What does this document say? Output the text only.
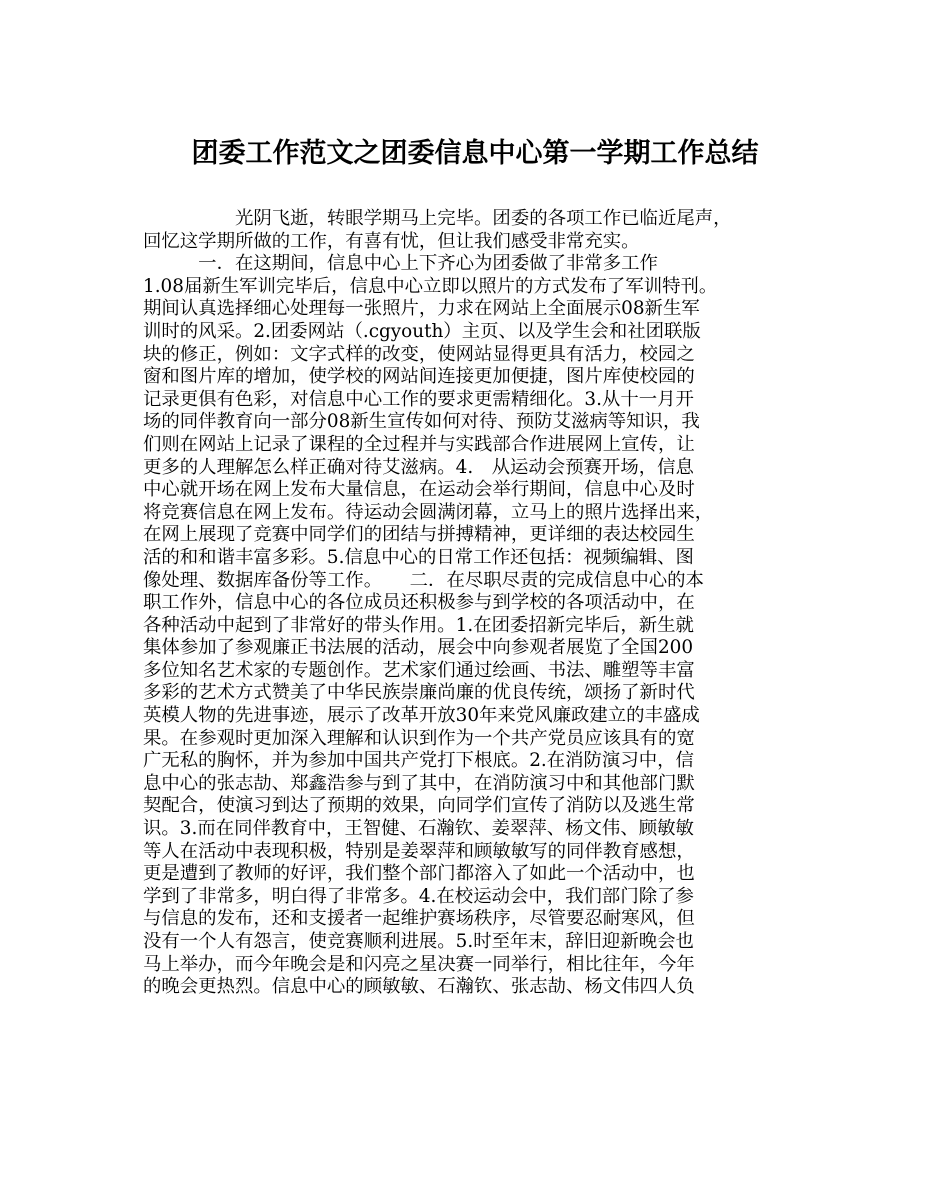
团委工作范文之团委信息中心第一学期工作总结
　　　　　光阴飞逝，转眼学期马上完毕。团委的各项工作已临近尾声，
回忆这学期所做的工作，有喜有忧，但让我们感受非常充实。
　　　一．在这期间，信息中心上下齐心为团委做了非常多工作
1.08届新生军训完毕后，信息中心立即以照片的方式发布了军训特刊。
期间认真选择细心处理每一张照片，力求在网站上全面展示08新生军
训时的风采。2.团委网站（.cgyouth）主页、以及学生会和社团联版
块的修正，例如：文字式样的改变，使网站显得更具有活力，校园之
窗和图片库的增加，使学校的网站间连接更加便捷，图片库使校园的
记录更俱有色彩，对信息中心工作的要求更需精细化。3.从十一月开
场的同伴教育向一部分08新生宣传如何对待、预防艾滋病等知识，我
们则在网站上记录了课程的全过程并与实践部合作进展网上宣传，让
更多的人理解怎么样正确对待艾滋病。4.　从运动会预赛开场，信息
中心就开场在网上发布大量信息，在运动会举行期间，信息中心及时
将竞赛信息在网上发布。待运动会圆满闭幕，立马上的照片选择出来，
在网上展现了竞赛中同学们的团结与拼搏精神，更详细的表达校园生
活的和和谐丰富多彩。5.信息中心的日常工作还包括：视频编辑、图
像处理、数据库备份等工作。　　二．在尽职尽责的完成信息中心的本
职工作外，信息中心的各位成员还积极参与到学校的各项活动中，在
各种活动中起到了非常好的带头作用。1.在团委招新完毕后，新生就
集体参加了参观廉正书法展的活动，展会中向参观者展览了全国200
多位知名艺术家的专题创作。艺术家们通过绘画、书法、雕塑等丰富
多彩的艺术方式赞美了中华民族崇廉尚廉的优良传统，颂扬了新时代
英模人物的先进事迹，展示了改革开放30年来党风廉政建立的丰盛成
果。在参观时更加深入理解和认识到作为一个共产党员应该具有的宽
广无私的胸怀，并为参加中国共产党打下根底。2.在消防演习中，信
息中心的张志劼、郑鑫浩参与到了其中，在消防演习中和其他部门默
契配合，使演习到达了预期的效果，向同学们宣传了消防以及逃生常
识。3.而在同伴教育中，王智健、石瀚钦、姜翠萍、杨文伟、顾敏敏
等人在活动中表现积极，特别是姜翠萍和顾敏敏写的同伴教育感想，
更是遭到了教师的好评，我们整个部门都溶入了如此一个活动中，也
学到了非常多，明白得了非常多。4.在校运动会中，我们部门除了参
与信息的发布，还和支援者一起维护赛场秩序，尽管要忍耐寒风，但
没有一个人有怨言，使竞赛顺利进展。5.时至年末，辞旧迎新晚会也
马上举办，而今年晚会是和闪亮之星决赛一同举行，相比往年，今年
的晚会更热烈。信息中心的顾敏敏、石瀚钦、张志劼、杨文伟四人负
